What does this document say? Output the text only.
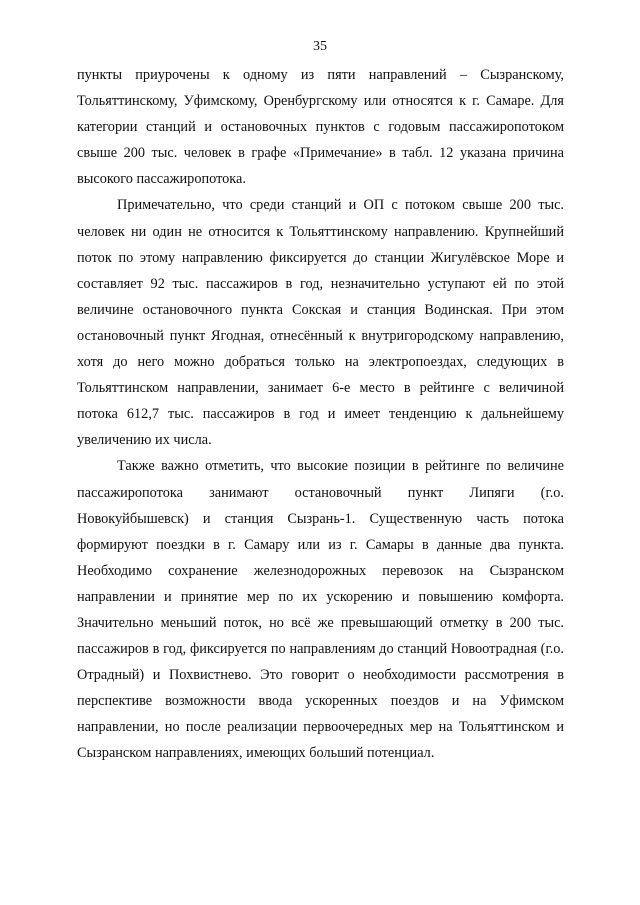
35

пункты приурочены к одному из пяти направлений – Сызранскому, Тольяттинскому, Уфимскому, Оренбургскому или относятся к г. Самаре. Для категории станций и остановочных пунктов с годовым пассажиропотоком свыше 200 тыс. человек в графе «Примечание» в табл. 12 указана причина высокого пассажиропотока.

Примечательно, что среди станций и ОП с потоком свыше 200 тыс. человек ни один не относится к Тольяттинскому направлению. Крупнейший поток по этому направлению фиксируется до станции Жигулёвское Море и составляет 92 тыс. пассажиров в год, незначительно уступают ей по этой величине остановочного пункта Сокская и станция Водинская. При этом остановочный пункт Ягодная, отнесённый к внутригородскому направлению, хотя до него можно добраться только на электропоездах, следующих в Тольяттинском направлении, занимает 6-е место в рейтинге с величиной потока 612,7 тыс. пассажиров в год и имеет тенденцию к дальнейшему увеличению их числа.

Также важно отметить, что высокие позиции в рейтинге по величине пассажиропотока занимают остановочный пункт Липяги (г.о. Новокуйбышевск) и станция Сызрань-1. Существенную часть потока формируют поездки в г. Самару или из г. Самары в данные два пункта. Необходимо сохранение железнодорожных перевозок на Сызранском направлении и принятие мер по их ускорению и повышению комфорта. Значительно меньший поток, но всё же превышающий отметку в 200 тыс. пассажиров в год, фиксируется по направлениям до станций Новоотрадная (г.о. Отрадный) и Похвистнево. Это говорит о необходимости рассмотрения в перспективе возможности ввода ускоренных поездов и на Уфимском направлении, но после реализации первоочередных мер на Тольяттинском и Сызранском направлениях, имеющих больший потенциал.
